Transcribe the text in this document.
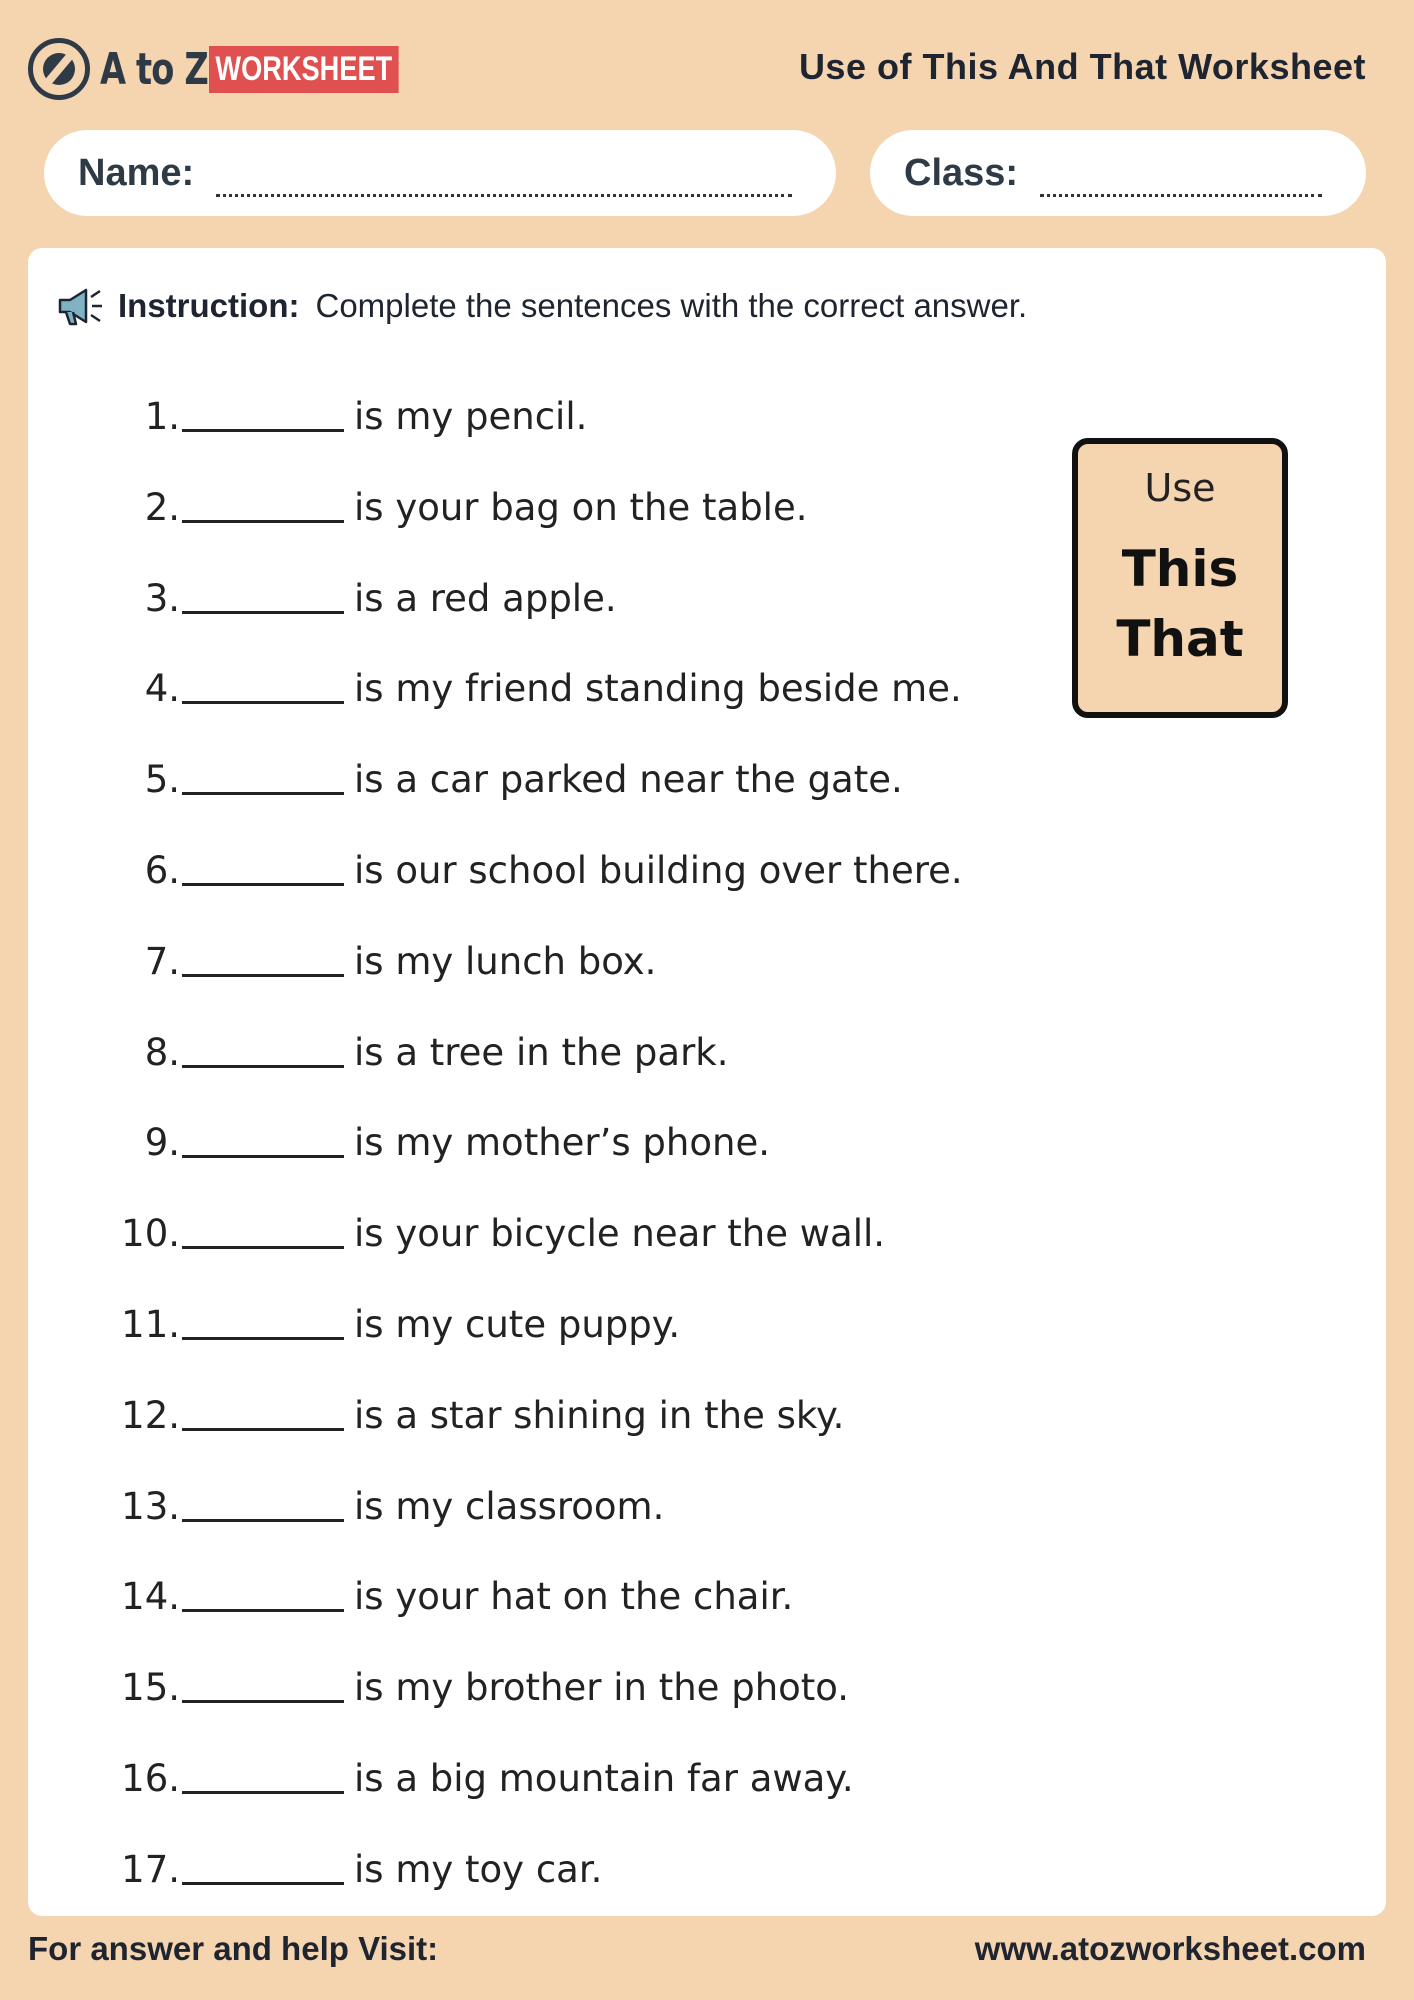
A to Z WORKSHEET	Use of This And That Worksheet
Name:	Class:
Instruction: Complete the sentences with the correct answer.
1.	is my pencil.
2.	is your bag on the table.
3.	is a red apple.
4.	is my friend standing beside me.
5.	is a car parked near the gate.
6.	is our school building over there.
7.	is my lunch box.
8.	is a tree in the park.
9.	is my mother’s phone.
10.	is your bicycle near the wall.
11.	is my cute puppy.
12.	is a star shining in the sky.
13.	is my classroom.
14.	is your hat on the chair.
15.	is my brother in the photo.
16.	is a big mountain far away.
17.	is my toy car.
Use
This
That
For answer and help Visit:	www.atozworksheet.com
